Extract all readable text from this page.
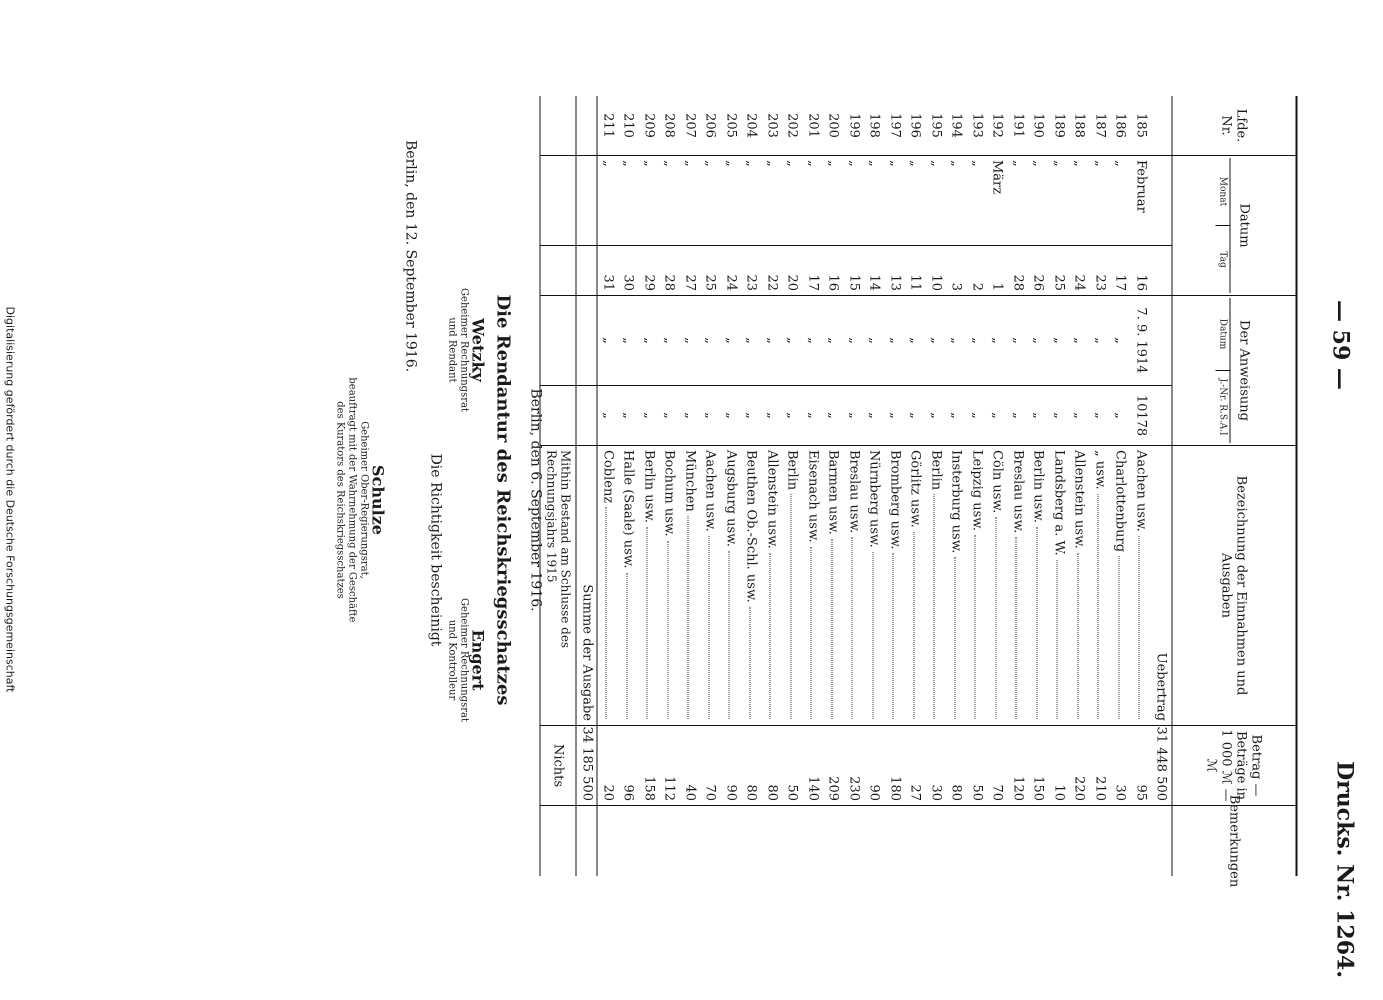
— 59 —
Drucks. Nr. 1264.
Lfde. Nr.
Datum
Monat
Tag
Der Anweisung
Datum
J.-Nr. R.S.A.I
Bezeichnung der Einnahmen und Ausgaben
Betrag — Beträge in 1 000 ℳ —
ℳ
Bemerkungen
Uebertrag
31 448

500
185
Februar
16
7. 9. 1914
10178
Aachen usw.
95
186
„
17
„
„
Charlottenburg
30
187
„
23
„
„
„ usw.
210
188
„
24
„
„
Allenstein usw.
220
189
„
25
„
„
Landsberg a. W.
10
190
„
26
„
„
Berlin usw.
150
191
„
28
„
„
Breslau usw.
120
192
März
1
„
„
Cöln usw.
70
193
„
2
„
„
Leipzig usw.
50
194
„
3
„
„
Insterburg usw.
80
195
„
10
„
„
Berlin
30
196
„
11
„
„
Görlitz usw.
27
197
„
13
„
„
Bromberg usw.
180
198
„
14
„
„
Nürnberg usw.
90
199
„
15
„
„
Breslau usw.
230
200
„
16
„
„
Barmen usw.
209
201
„
17
„
„
Eisenach usw.
140
202
„
20
„
„
Berlin
50
203
„
22
„
„
Allenstein usw.
80
204
„
23
„
„
Beuthen Ob.-Schl. usw.
80
205
„
24
„
„
Augsburg usw.
90
206
„
25
„
„
Aachen usw.
70
207
„
27
„
„
München
40
208
„
28
„
„
Bochum usw.
112
209
„
29
„
„
Berlin usw.
158
210
„
30
„
„
Halle (Saale) usw.
96
211
„
31
„
„
Coblenz
20
Summe der Ausgabe
34 185

500
Mithin Bestand am Schlusse des Rechnungsjahrs 1915
Nichts
Berlin, den 6. September 1916.
Die Rendantur des Reichskriegsschatzes
Wetzky
Geheimer Rechnungsrat
und Rendant
Engert
Geheimer Rechnungsrat
und Kontrolleur
Die Richtigkeit bescheinigt
Berlin, den 12. September 1916.
Schulze
Geheimer Ober-Regierungsrat,
beauftragt mit der Wahrnehmung der Geschäfte
des Kurators des Reichskriegsschatzes
Digitalisierung gefördert durch die Deutsche Forschungsgemeinschaft
